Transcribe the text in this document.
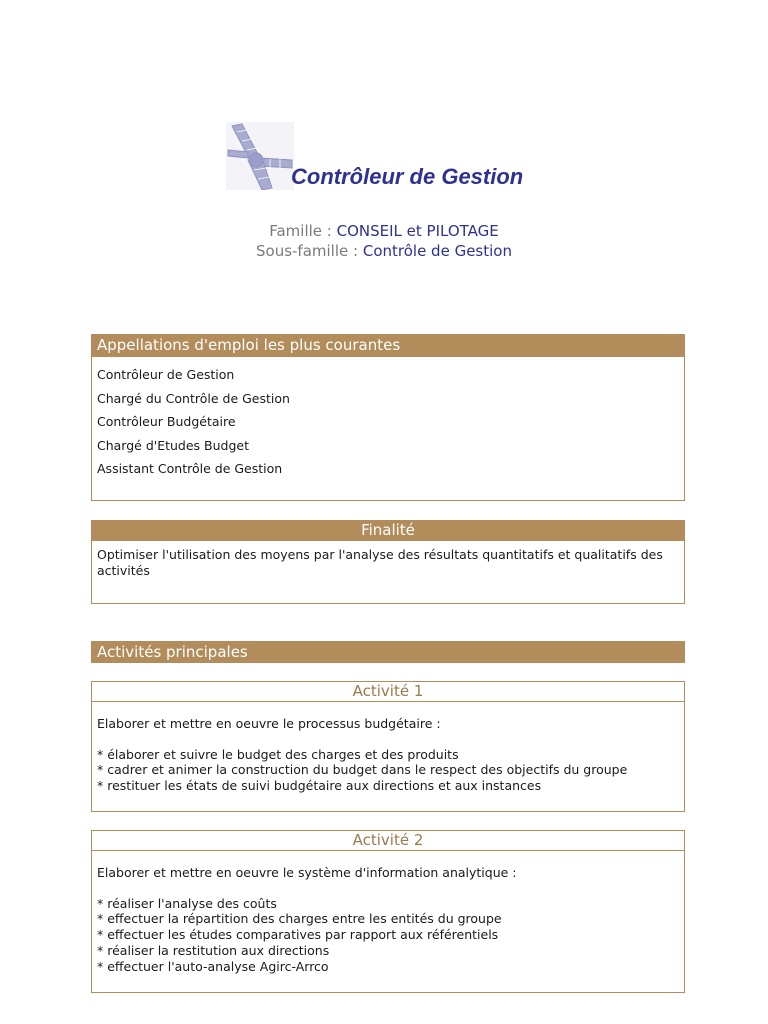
Contrôleur de Gestion
Famille : CONSEIL et PILOTAGE
Sous-famille : Contrôle de Gestion
Appellations d'emploi les plus courantes
Contrôleur de Gestion
Chargé du Contrôle de Gestion
Contrôleur Budgétaire
Chargé d'Etudes Budget
Assistant Contrôle de Gestion
Finalité

Optimiser l'utilisation des moyens par l'analyse des résultats quantitatifs et qualitatifs des activités

Activités principales
Activité 1

Elaborer et mettre en oeuvre le processus budgétaire :

* élaborer et suivre le budget des charges et des produits
* cadrer et animer la construction du budget dans le respect des objectifs du groupe
* restituer les états de suivi budgétaire aux directions et aux instances
Activité 2

Elaborer et mettre en oeuvre le système d'information analytique :

* réaliser l'analyse des coûts
* effectuer la répartition des charges entre les entités du groupe
* effectuer les études comparatives par rapport aux référentiels
* réaliser la restitution aux directions
* effectuer l'auto-analyse Agirc-Arrco
